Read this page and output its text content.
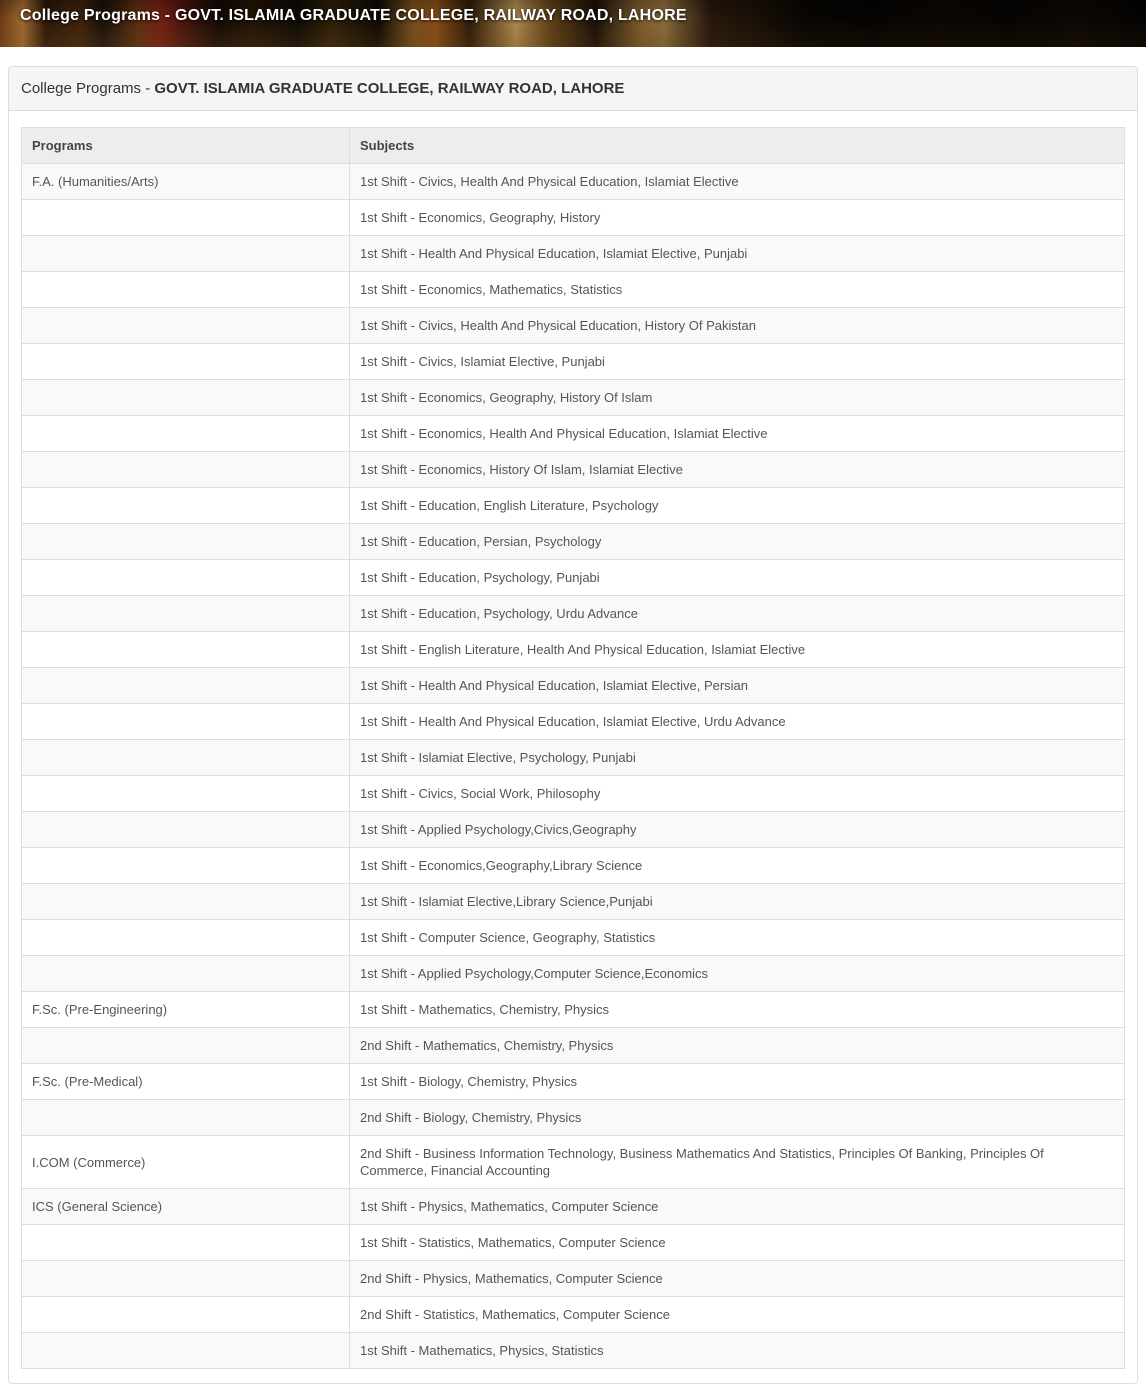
College Programs - GOVT. ISLAMIA GRADUATE COLLEGE, RAILWAY ROAD, LAHORE
College Programs - GOVT. ISLAMIA GRADUATE COLLEGE, RAILWAY ROAD, LAHORE
Programs	Subjects
F.A. (Humanities/Arts)	1st Shift - Civics, Health And Physical Education, Islamiat Elective
	1st Shift - Economics, Geography, History
	1st Shift - Health And Physical Education, Islamiat Elective, Punjabi
	1st Shift - Economics, Mathematics, Statistics
	1st Shift - Civics, Health And Physical Education, History Of Pakistan
	1st Shift - Civics, Islamiat Elective, Punjabi
	1st Shift - Economics, Geography, History Of Islam
	1st Shift - Economics, Health And Physical Education, Islamiat Elective
	1st Shift - Economics, History Of Islam, Islamiat Elective
	1st Shift - Education, English Literature, Psychology
	1st Shift - Education, Persian, Psychology
	1st Shift - Education, Psychology, Punjabi
	1st Shift - Education, Psychology, Urdu Advance
	1st Shift - English Literature, Health And Physical Education, Islamiat Elective
	1st Shift - Health And Physical Education, Islamiat Elective, Persian
	1st Shift - Health And Physical Education, Islamiat Elective, Urdu Advance
	1st Shift - Islamiat Elective, Psychology, Punjabi
	1st Shift - Civics, Social Work, Philosophy
	1st Shift - Applied Psychology,Civics,Geography
	1st Shift - Economics,Geography,Library Science
	1st Shift - Islamiat Elective,Library Science,Punjabi
	1st Shift - Computer Science, Geography, Statistics
	1st Shift - Applied Psychology,Computer Science,Economics
F.Sc. (Pre-Engineering)	1st Shift - Mathematics, Chemistry, Physics
	2nd Shift - Mathematics, Chemistry, Physics
F.Sc. (Pre-Medical)	1st Shift - Biology, Chemistry, Physics
	2nd Shift - Biology, Chemistry, Physics
I.COM (Commerce)	2nd Shift - Business Information Technology, Business Mathematics And Statistics, Principles Of Banking, Principles Of Commerce, Financial Accounting
ICS (General Science)	1st Shift - Physics, Mathematics, Computer Science
	1st Shift - Statistics, Mathematics, Computer Science
	2nd Shift - Physics, Mathematics, Computer Science
	2nd Shift - Statistics, Mathematics, Computer Science
	1st Shift - Mathematics, Physics, Statistics
